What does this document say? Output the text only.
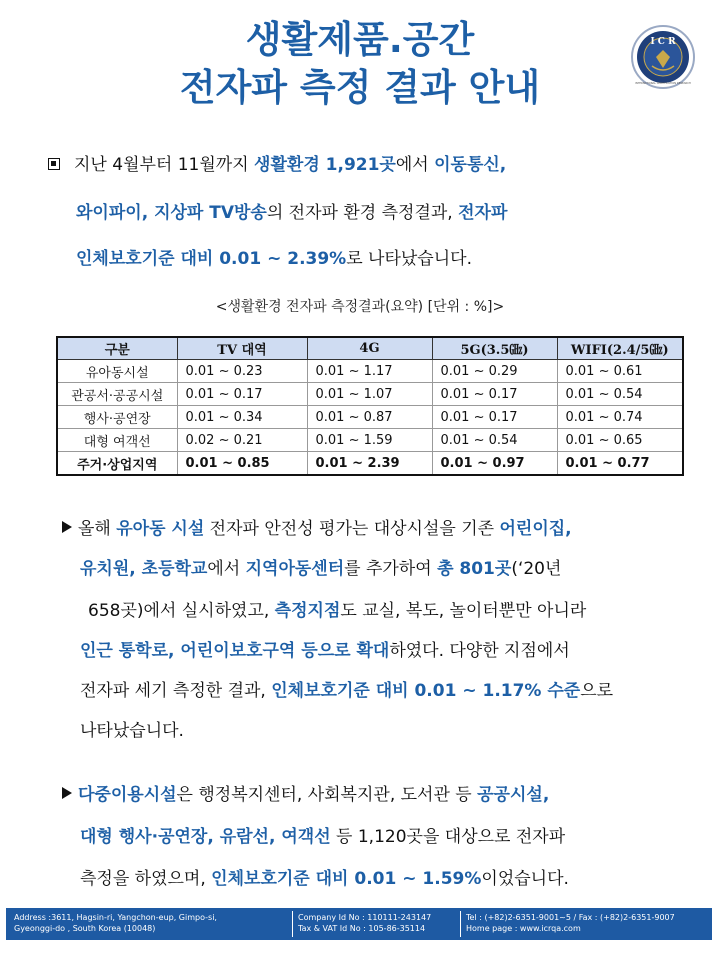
생활제품.공간
전자파 측정 결과 안내
I C R
INTERNATIONAL CERTIFICATION RESEARCH
지난 4월부터 11월까지 생활환경 1,921곳에서 이동통신,
와이파이, 지상파 TV방송의 전자파 환경 측정결과, 전자파
인체보호기준 대비 0.01 ~ 2.39%로 나타났습니다.
<생활환경 전자파 측정결과(요약) [단위 : %]>
구분	TV 대역	4G	5G(3.5㎓)	WIFI(2.4/5㎓)
유아동시설	0.01 ~ 0.23	0.01 ~ 1.17	0.01 ~ 0.29	0.01 ~ 0.61
관공서·공공시설	0.01 ~ 0.17	0.01 ~ 1.07	0.01 ~ 0.17	0.01 ~ 0.54
행사·공연장	0.01 ~ 0.34	0.01 ~ 0.87	0.01 ~ 0.17	0.01 ~ 0.74
대형 여객선	0.02 ~ 0.21	0.01 ~ 1.59	0.01 ~ 0.54	0.01 ~ 0.65
주거·상업지역	0.01 ~ 0.85	0.01 ~ 2.39	0.01 ~ 0.97	0.01 ~ 0.77
올해 유아동 시설 전자파 안전성 평가는 대상시설을 기존 어린이집,
유치원, 초등학교에서 지역아동센터를 추가하여 총 801곳(‘20년
658곳)에서 실시하였고, 측정지점도 교실, 복도, 놀이터뿐만 아니라
인근 통학로, 어린이보호구역 등으로 확대하였다. 다양한 지점에서
전자파 세기 측정한 결과, 인체보호기준 대비 0.01 ~ 1.17% 수준으로
나타났습니다.
다중이용시설은 행정복지센터, 사회복지관, 도서관 등 공공시설,
대형 행사·공연장, 유람선, 여객선 등 1,120곳을 대상으로 전자파
측정을 하였으며, 인체보호기준 대비 0.01 ~ 1.59%이었습니다.
Address :3611, Hagsin-ri, Yangchon-eup, Gimpo-si,
Gyeonggi-do , South Korea (10048)
Company Id No : 110111-243147
Tax & VAT Id No : 105-86-35114
Tel : (+82)2-6351-9001~5 / Fax : (+82)2-6351-9007
Home page : www.icrqa.com
